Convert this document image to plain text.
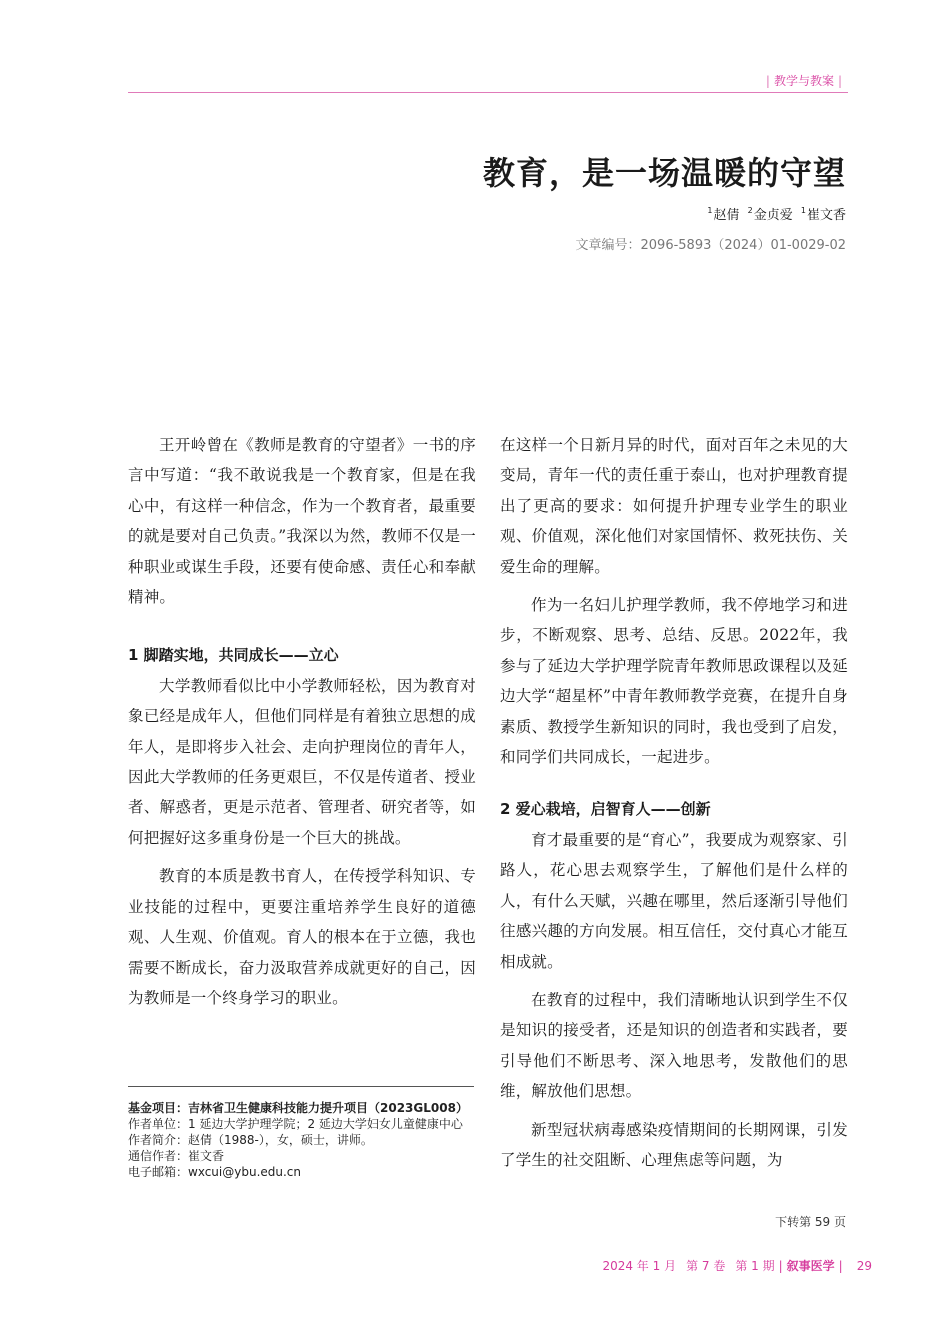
| 教学与教案 |
教育，是一场温暖的守望
$^1$赵倩 $^2$金贞爱 $^1$崔文香
文章编号：2096-5893（2024）01-0029-02

王开岭曾在《教师是教育的守望者》一书的序言中写道：“我不敢说我是一个教育家，但是在我心中，有这样一种信念，作为一个教育者，最重要的就是要对自己负责。”我深以为然，教师不仅是一种职业或谋生手段，还要有使命感、责任心和奉献精神。

1 脚踏实地，共同成长——立心

大学教师看似比中小学教师轻松，因为教育对象已经是成年人，但他们同样是有着独立思想的成年人，是即将步入社会、走向护理岗位的青年人，因此大学教师的任务更艰巨，不仅是传道者、授业者、解惑者，更是示范者、管理者、研究者等，如何把握好这多重身份是一个巨大的挑战。

教育的本质是教书育人，在传授学科知识、专业技能的过程中，更要注重培养学生良好的道德观、人生观、价值观。育人的根本在于立德，我也需要不断成长，奋力汲取营养成就更好的自己，因为教师是一个终身学习的职业。

在这样一个日新月异的时代，面对百年之未见的大变局，青年一代的责任重于泰山，也对护理教育提出了更高的要求：如何提升护理专业学生的职业观、价值观，深化他们对家国情怀、救死扶伤、关爱生命的理解。

作为一名妇儿护理学教师，我不停地学习和进步，不断观察、思考、总结、反思。2022年，我参与了延边大学护理学院青年教师思政课程以及延边大学“超星杯”中青年教师教学竞赛，在提升自身素质、教授学生新知识的同时，我也受到了启发，和同学们共同成长，一起进步。

2 爱心栽培，启智育人——创新

育才最重要的是“育心”，我要成为观察家、引路人，花心思去观察学生，了解他们是什么样的人，有什么天赋，兴趣在哪里，然后逐渐引导他们往感兴趣的方向发展。相互信任，交付真心才能互相成就。

在教育的过程中，我们清晰地认识到学生不仅是知识的接受者，还是知识的创造者和实践者，要引导他们不断思考、深入地思考，发散他们的思维，解放他们思想。

新型冠状病毒感染疫情期间的长期网课，引发了学生的社交阻断、心理焦虑等问题，为

下转第 59 页

基金项目：吉林省卫生健康科技能力提升项目（2023GL008）

作者单位：1 延边大学护理学院；2 延边大学妇女儿童健康中心

作者简介：赵倩（1988-），女，硕士，讲师。

通信作者：崔文香

电子邮箱：wxcui@ybu.edu.cn

2024 年 1 月 第 7 卷 第 1 期 | 叙事医学 | 29
